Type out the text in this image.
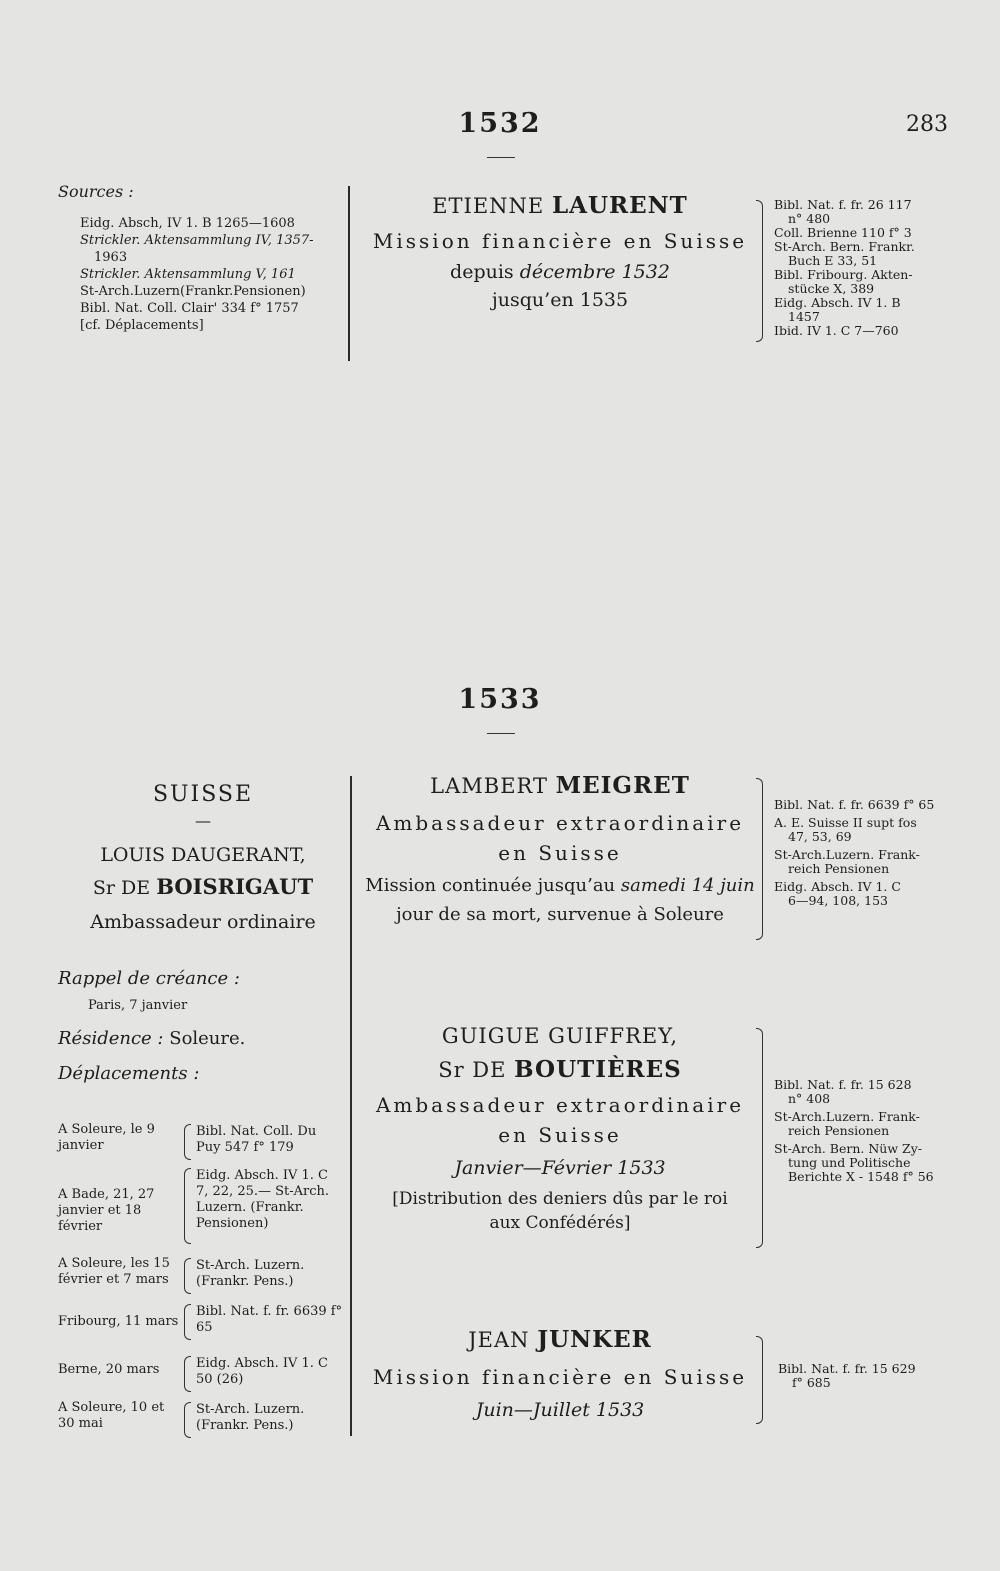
1532	283
Sources :
Eidg. Absch, IV 1. B 1265—1608
Strickler. Aktensammlung IV, 1357-
1963
Strickler. Aktensammlung V, 161
St-Arch.Luzern(Frankr.Pensionen)
Bibl. Nat. Coll. Clair' 334 f° 1757
[cf. Déplacements]
ETIENNE LAURENT
Mission financière en Suisse
depuis décembre 1532
jusqu’en 1535
Bibl. Nat. f. fr. 26 117
n° 480
Coll. Brienne 110 f° 3
St-Arch. Bern. Frankr.
Buch E 33, 51
Bibl. Fribourg. Akten-
stücke X, 389
Eidg. Absch. IV 1. B
1457
Ibid. IV 1. C 7—760
1533
SUISSE
—
LOUIS DAUGERANT,
Sr DE BOISRIGAUT
Ambassadeur ordinaire
Rappel de créance :
Paris, 7 janvier
Résidence : Soleure.
Déplacements :
A Soleure, le 9 janvier
Bibl. Nat. Coll. Du Puy 547 f° 179
A Bade, 21, 27 janvier et 18 février
Eidg. Absch. IV 1. C 7, 22, 25.— St-Arch. Luzern. (Frankr. Pensionen)
A Soleure, les 15 février et 7 mars
St-Arch. Luzern. (Frankr. Pens.)
Fribourg, 11 mars
Bibl. Nat. f. fr. 6639 f° 65
Berne, 20 mars	Eidg. Absch. IV 1. C 50 (26)
A Soleure, 10 et 30 mai
St-Arch. Luzern. (Frankr. Pens.)
LAMBERT MEIGRET
Ambassadeur extraordinaire
en Suisse
Mission continuée jusqu’au samedi 14 juin
jour de sa mort, survenue à Soleure
Bibl. Nat. f. fr. 6639 f° 65
A. E. Suisse II supt fos
47, 53, 69
St-Arch.Luzern. Frank-
reich Pensionen
Eidg. Absch. IV 1. C
6—94, 108, 153
GUIGUE GUIFFREY,
Sr DE BOUTIÈRES
Ambassadeur extraordinaire
en Suisse
Janvier—Février 1533
[Distribution des deniers dûs par le roi
aux Confédérés]
Bibl. Nat. f. fr. 15 628
n° 408
St-Arch.Luzern. Frank-
reich Pensionen
St-Arch. Bern. Nüw Zy-
tung und Politische
Berichte X - 1548 f° 56
JEAN JUNKER
Mission financière en Suisse
Juin—Juillet 1533
Bibl. Nat. f. fr. 15 629
f° 685
